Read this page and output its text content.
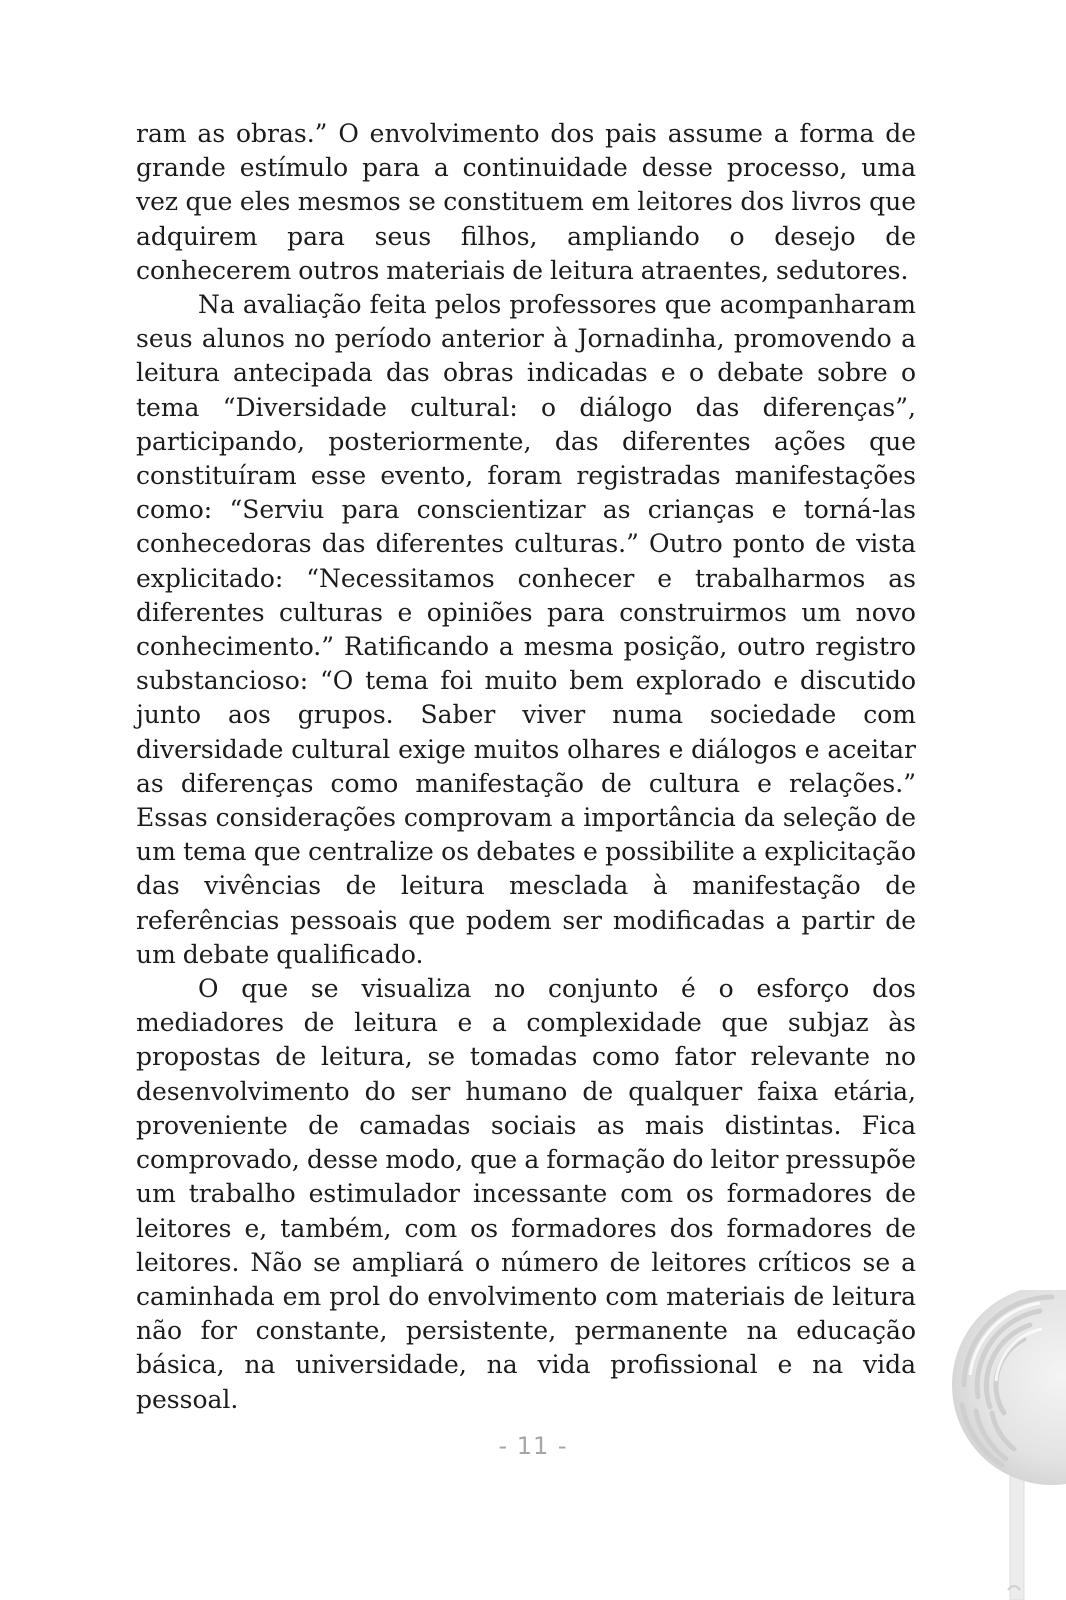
ram as obras.” O envolvimento dos pais assume a forma de grande estímulo para a continuidade desse processo, uma vez que eles mesmos se constituem em leitores dos livros que adquirem para seus filhos, ampliando o desejo de conhecerem outros materiais de leitura atraentes, sedutores.

Na avaliação feita pelos professores que acompanharam seus alunos no período anterior à Jornadinha, promovendo a leitura antecipada das obras indicadas e o debate sobre o tema “Diversidade cultural: o diálogo das diferenças”, participando, posteriormente, das diferentes ações que constituíram esse evento, foram registradas manifestações como: “Serviu para conscientizar as crianças e torná-las conhecedoras das diferentes culturas.” Outro ponto de vista explicitado: “Necessitamos conhecer e trabalharmos as diferentes culturas e opiniões para construirmos um novo conhecimento.” Ratificando a mesma posição, outro registro substancioso: “O tema foi muito bem explorado e discutido junto aos grupos. Saber viver numa sociedade com diversidade cultural exige muitos olhares e diálogos e aceitar as diferenças como manifestação de cultura e relações.” Essas considerações comprovam a importância da seleção de um tema que centralize os debates e possibilite a explicitação das vivências de leitura mesclada à manifestação de referências pessoais que podem ser modificadas a partir de um debate qualificado.

O que se visualiza no conjunto é o esforço dos mediadores de leitura e a complexidade que subjaz às propostas de leitura, se tomadas como fator relevante no desenvolvimento do ser humano de qualquer faixa etária, proveniente de camadas sociais as mais distintas. Fica comprovado, desse modo, que a formação do leitor pressupõe um trabalho estimulador incessante com os formadores de leitores e, também, com os formadores dos formadores de leitores. Não se ampliará o número de leitores críticos se a caminhada em prol do envolvimento com materiais de leitura não for constante, persistente, permanente na educação básica, na universidade, na vida profissional e na vida pessoal.

- 11 -
